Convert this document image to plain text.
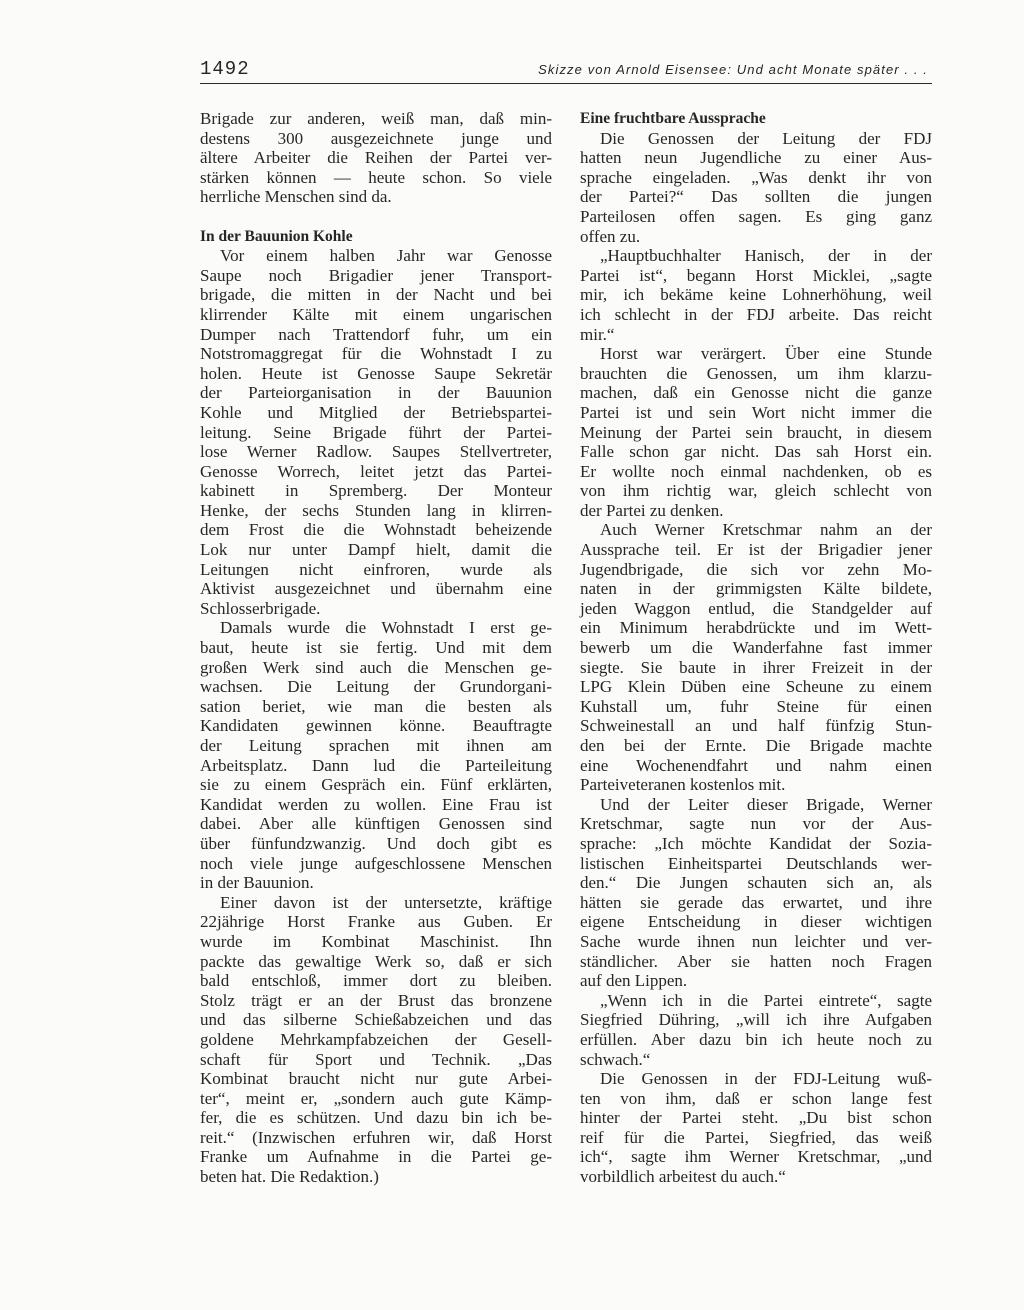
1492	Skizze von Arnold Eisensee: Und acht Monate später . . .
Brigade zur anderen, weiß man, daß min-
destens 300 ausgezeichnete junge und
ältere Arbeiter die Reihen der Partei ver-
stärken können — heute schon. So viele
herrliche Menschen sind da.
In der Bauunion Kohle
Vor einem halben Jahr war Genosse
Saupe noch Brigadier jener Transport-
brigade, die mitten in der Nacht und bei
klirrender Kälte mit einem ungarischen
Dumper nach Trattendorf fuhr, um ein
Notstromaggregat für die Wohnstadt I zu
holen. Heute ist Genosse Saupe Sekretär
der Parteiorganisation in der Bauunion
Kohle und Mitglied der Betriebspartei-
leitung. Seine Brigade führt der Partei-
lose Werner Radlow. Saupes Stellvertreter,
Genosse Worrech, leitet jetzt das Partei-
kabinett in Spremberg. Der Monteur
Henke, der sechs Stunden lang in klirren-
dem Frost die die Wohnstadt beheizende
Lok nur unter Dampf hielt, damit die
Leitungen nicht einfroren, wurde als
Aktivist ausgezeichnet und übernahm eine
Schlosserbrigade.
Damals wurde die Wohnstadt I erst ge-
baut, heute ist sie fertig. Und mit dem
großen Werk sind auch die Menschen ge-
wachsen. Die Leitung der Grundorgani-
sation beriet, wie man die besten als
Kandidaten gewinnen könne. Beauftragte
der Leitung sprachen mit ihnen am
Arbeitsplatz. Dann lud die Parteileitung
sie zu einem Gespräch ein. Fünf erklärten,
Kandidat werden zu wollen. Eine Frau ist
dabei. Aber alle künftigen Genossen sind
über fünfundzwanzig. Und doch gibt es
noch viele junge aufgeschlossene Menschen
in der Bauunion.
Einer davon ist der untersetzte, kräftige
22jährige Horst Franke aus Guben. Er
wurde im Kombinat Maschinist. Ihn
packte das gewaltige Werk so, daß er sich
bald entschloß, immer dort zu bleiben.
Stolz trägt er an der Brust das bronzene
und das silberne Schießabzeichen und das
goldene Mehrkampfabzeichen der Gesell-
schaft für Sport und Technik. „Das
Kombinat braucht nicht nur gute Arbei-
ter“, meint er, „sondern auch gute Kämp-
fer, die es schützen. Und dazu bin ich be-
reit.“ (Inzwischen erfuhren wir, daß Horst
Franke um Aufnahme in die Partei ge-
beten hat. Die Redaktion.)
Eine fruchtbare Aussprache
Die Genossen der Leitung der FDJ
hatten neun Jugendliche zu einer Aus-
sprache eingeladen. „Was denkt ihr von
der Partei?“ Das sollten die jungen
Parteilosen offen sagen. Es ging ganz
offen zu.
„Hauptbuchhalter Hanisch, der in der
Partei ist“, begann Horst Micklei, „sagte
mir, ich bekäme keine Lohnerhöhung, weil
ich schlecht in der FDJ arbeite. Das reicht
mir.“
Horst war verärgert. Über eine Stunde
brauchten die Genossen, um ihm klarzu-
machen, daß ein Genosse nicht die ganze
Partei ist und sein Wort nicht immer die
Meinung der Partei sein braucht, in diesem
Falle schon gar nicht. Das sah Horst ein.
Er wollte noch einmal nachdenken, ob es
von ihm richtig war, gleich schlecht von
der Partei zu denken.
Auch Werner Kretschmar nahm an der
Aussprache teil. Er ist der Brigadier jener
Jugendbrigade, die sich vor zehn Mo-
naten in der grimmigsten Kälte bildete,
jeden Waggon entlud, die Standgelder auf
ein Minimum herabdrückte und im Wett-
bewerb um die Wanderfahne fast immer
siegte. Sie baute in ihrer Freizeit in der
LPG Klein Düben eine Scheune zu einem
Kuhstall um, fuhr Steine für einen
Schweinestall an und half fünfzig Stun-
den bei der Ernte. Die Brigade machte
eine Wochenendfahrt und nahm einen
Parteiveteranen kostenlos mit.
Und der Leiter dieser Brigade, Werner
Kretschmar, sagte nun vor der Aus-
sprache: „Ich möchte Kandidat der Sozia-
listischen Einheitspartei Deutschlands wer-
den.“ Die Jungen schauten sich an, als
hätten sie gerade das erwartet, und ihre
eigene Entscheidung in dieser wichtigen
Sache wurde ihnen nun leichter und ver-
ständlicher. Aber sie hatten noch Fragen
auf den Lippen.
„Wenn ich in die Partei eintrete“, sagte
Siegfried Dühring, „will ich ihre Aufgaben
erfüllen. Aber dazu bin ich heute noch zu
schwach.“
Die Genossen in der FDJ-Leitung wuß-
ten von ihm, daß er schon lange fest
hinter der Partei steht. „Du bist schon
reif für die Partei, Siegfried, das weiß
ich“, sagte ihm Werner Kretschmar, „und
vorbildlich arbeitest du auch.“
